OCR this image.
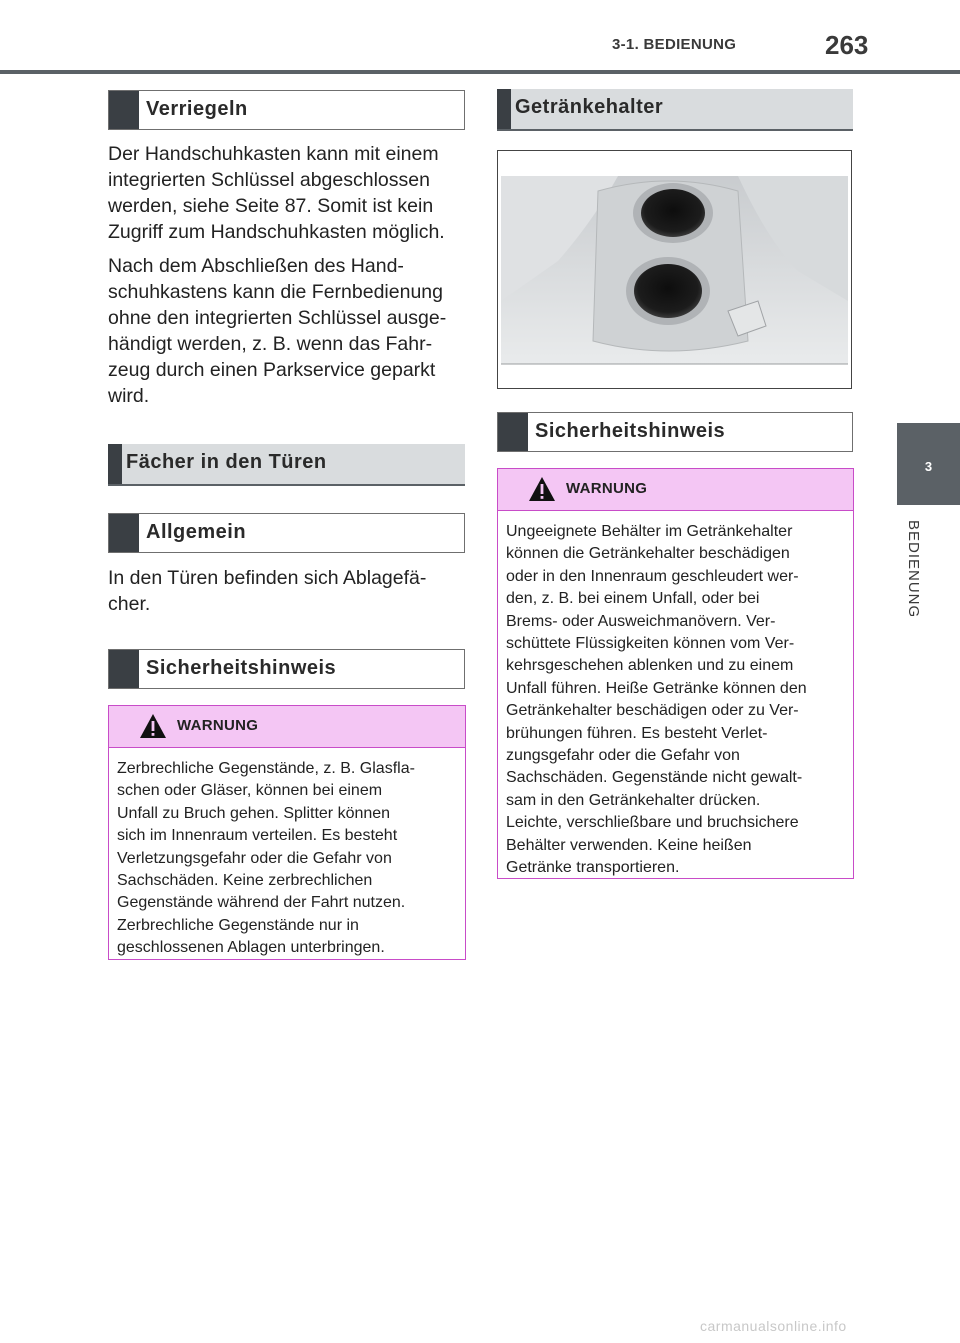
3-1. BEDIENUNG	263
3
BEDIENUNG
Verriegeln
Der Handschuhkasten kann mit einem
integrierten Schlüssel abgeschlossen
werden, siehe Seite 87. Somit ist kein
Zugriff zum Handschuhkasten möglich.
Nach dem Abschließen des Hand-
schuhkastens kann die Fernbedienung
ohne den integrierten Schlüssel ausge-
händigt werden, z. B. wenn das Fahr-
zeug durch einen Parkservice geparkt
wird.
Fächer in den Türen
Allgemein
In den Türen befinden sich Ablagefä-
cher.
Sicherheitshinweis
WARNUNG
Zerbrechliche Gegenstände, z. B. Glasfla-
schen oder Gläser, können bei einem
Unfall zu Bruch gehen. Splitter können
sich im Innenraum verteilen. Es besteht
Verletzungsgefahr oder die Gefahr von
Sachschäden. Keine zerbrechlichen
Gegenstände während der Fahrt nutzen.
Zerbrechliche Gegenstände nur in
geschlossenen Ablagen unterbringen.
Getränkehalter
Sicherheitshinweis
WARNUNG
Ungeeignete Behälter im Getränkehalter
können die Getränkehalter beschädigen
oder in den Innenraum geschleudert wer-
den, z. B. bei einem Unfall, oder bei
Brems- oder Ausweichmanövern. Ver-
schüttete Flüssigkeiten können vom Ver-
kehrsgeschehen ablenken und zu einem
Unfall führen. Heiße Getränke können den
Getränkehalter beschädigen oder zu Ver-
brühungen führen. Es besteht Verlet-
zungsgefahr oder die Gefahr von
Sachschäden. Gegenstände nicht gewalt-
sam in den Getränkehalter drücken.
Leichte, verschließbare und bruchsichere
Behälter verwenden. Keine heißen
Getränke transportieren.
carmanualsonline.info
